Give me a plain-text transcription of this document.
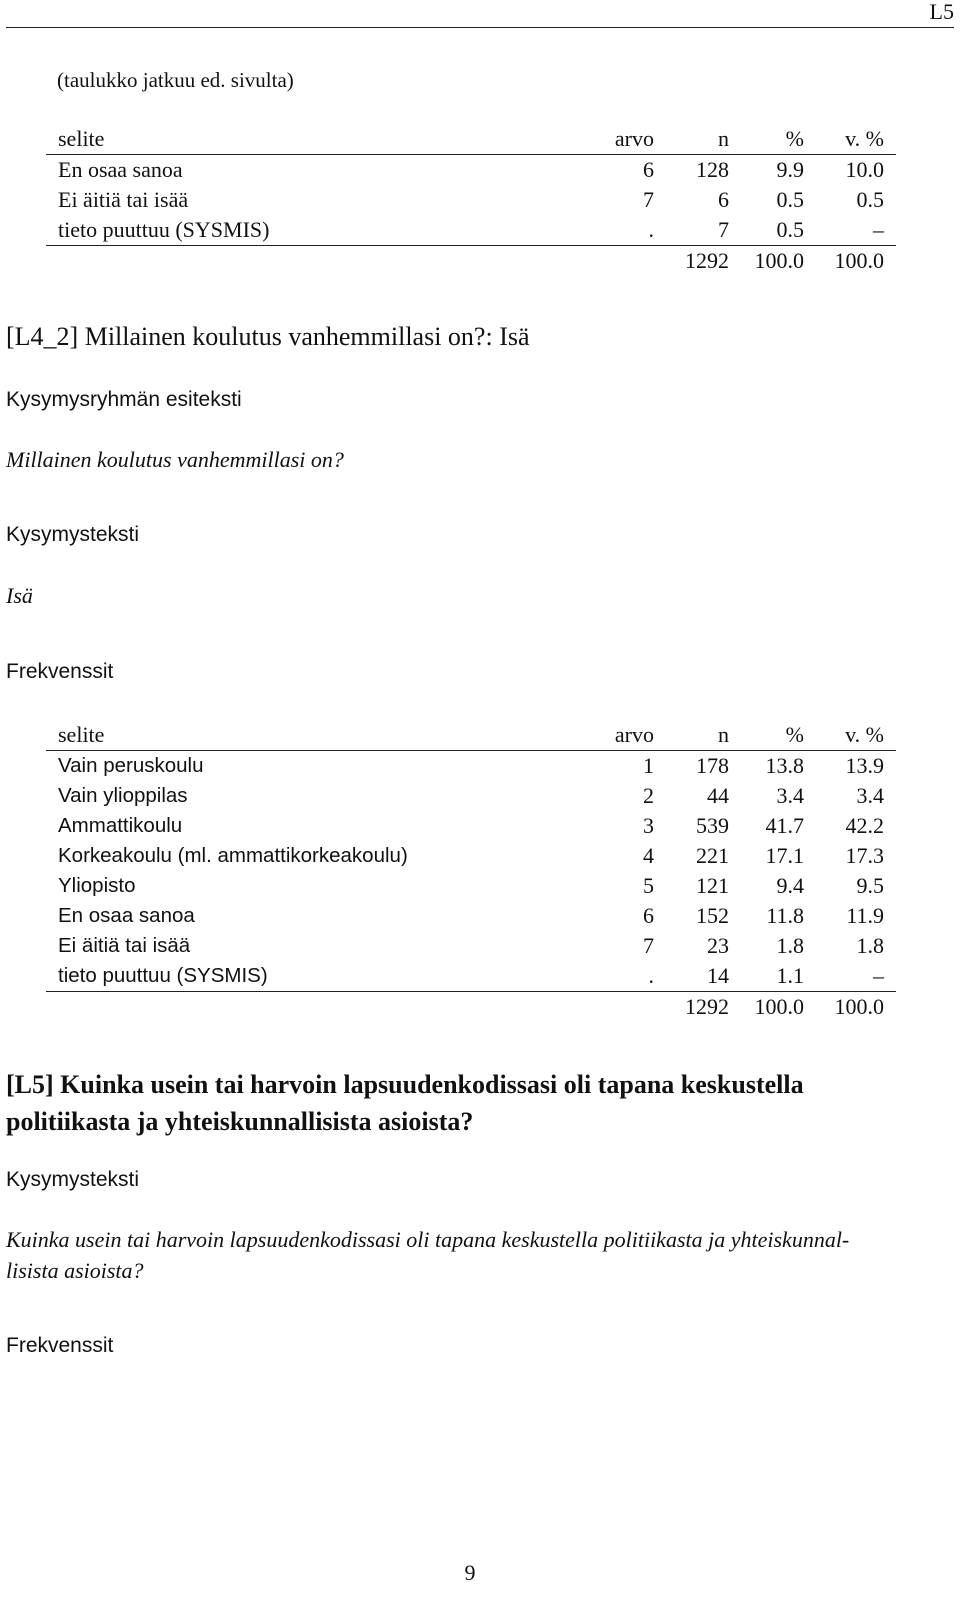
L5
(taulukko jatkuu ed. sivulta)
selite	arvo	n	%	v. %
En osaa sanoa	6	128	9.9	10.0
Ei äitiä tai isää	7	6	0.5	0.5
tieto puuttuu (SYSMIS)	.	7	0.5	–
		1292	100.0	100.0
[L4_2] Millainen koulutus vanhemmillasi on?: Isä
Kysymysryhmän esiteksti
Millainen koulutus vanhemmillasi on?
Kysymysteksti
Isä
Frekvenssit
selite	arvo	n	%	v. %
Vain peruskoulu	1	178	13.8	13.9
Vain ylioppilas	2	44	3.4	3.4
Ammattikoulu	3	539	41.7	42.2
Korkeakoulu (ml. ammattikorkeakoulu)	4	221	17.1	17.3
Yliopisto	5	121	9.4	9.5
En osaa sanoa	6	152	11.8	11.9
Ei äitiä tai isää	7	23	1.8	1.8
tieto puuttuu (SYSMIS)	.	14	1.1	–
		1292	100.0	100.0
[L5] Kuinka usein tai harvoin lapsuudenkodissasi oli tapana keskustella
politiikasta ja yhteiskunnallisista asioista?
Kysymysteksti
Kuinka usein tai harvoin lapsuudenkodissasi oli tapana keskustella politiikasta ja yhteiskunnal-
lisista asioista?
Frekvenssit
9
